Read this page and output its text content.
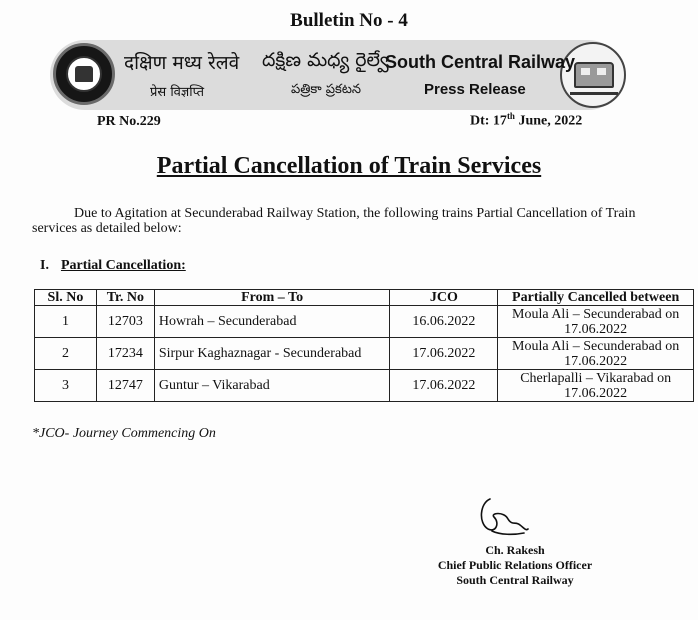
Bulletin No - 4
दक्षिण मध्य रेलवे
प्रेस विज्ञप्ति
దక్షిణ మధ్య రైల్వే
పత్రికా ప్రకటన
South Central Railway
Press Release
PR No.229	Dt: 17th June, 2022
Partial Cancellation of Train Services
Due to Agitation at Secunderabad Railway Station, the following trains Partial Cancellation of Train services as detailed below:
I. Partial Cancellation:
Sl. No	Tr. No	From – To	JCO	Partially Cancelled between
1	12703	Howrah – Secunderabad	16.06.2022	Moula Ali – Secunderabad on 17.06.2022
2	17234	Sirpur Kaghaznagar - Secunderabad	17.06.2022	Moula Ali – Secunderabad on 17.06.2022
3	12747	Guntur – Vikarabad	17.06.2022	Cherlapalli – Vikarabad on 17.06.2022
*JCO- Journey Commencing On
Ch. Rakesh
Chief Public Relations Officer
South Central Railway
